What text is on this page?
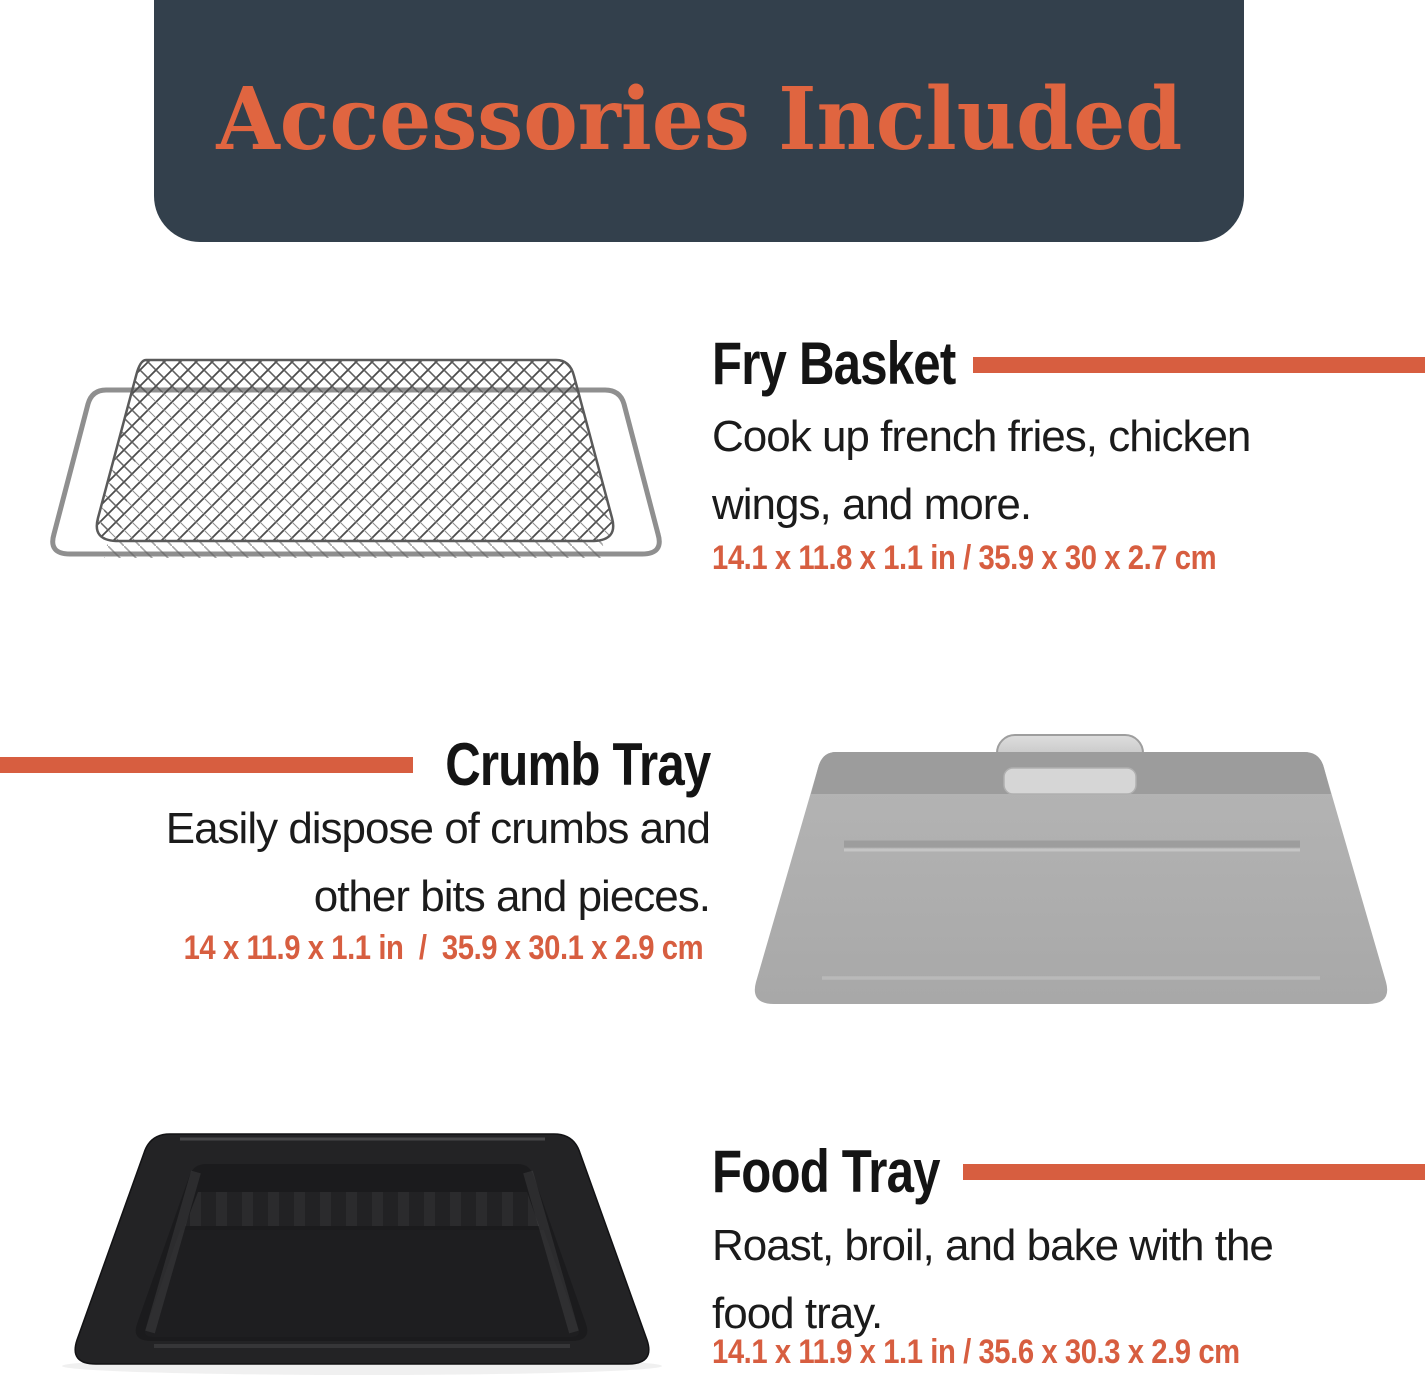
Accessories Included
Fry Basket
Cook up french fries, chicken
wings, and more.
14.1 x 11.8 x 1.1 in / 35.9 x 30 x 2.7 cm
Crumb Tray
Easily dispose of crumbs and
other bits and pieces.
14 x 11.9 x 1.1 in  /  35.9 x 30.1 x 2.9 cm
Food Tray
Roast, broil, and bake with the
food tray.
14.1 x 11.9 x 1.1 in / 35.6 x 30.3 x 2.9 cm
